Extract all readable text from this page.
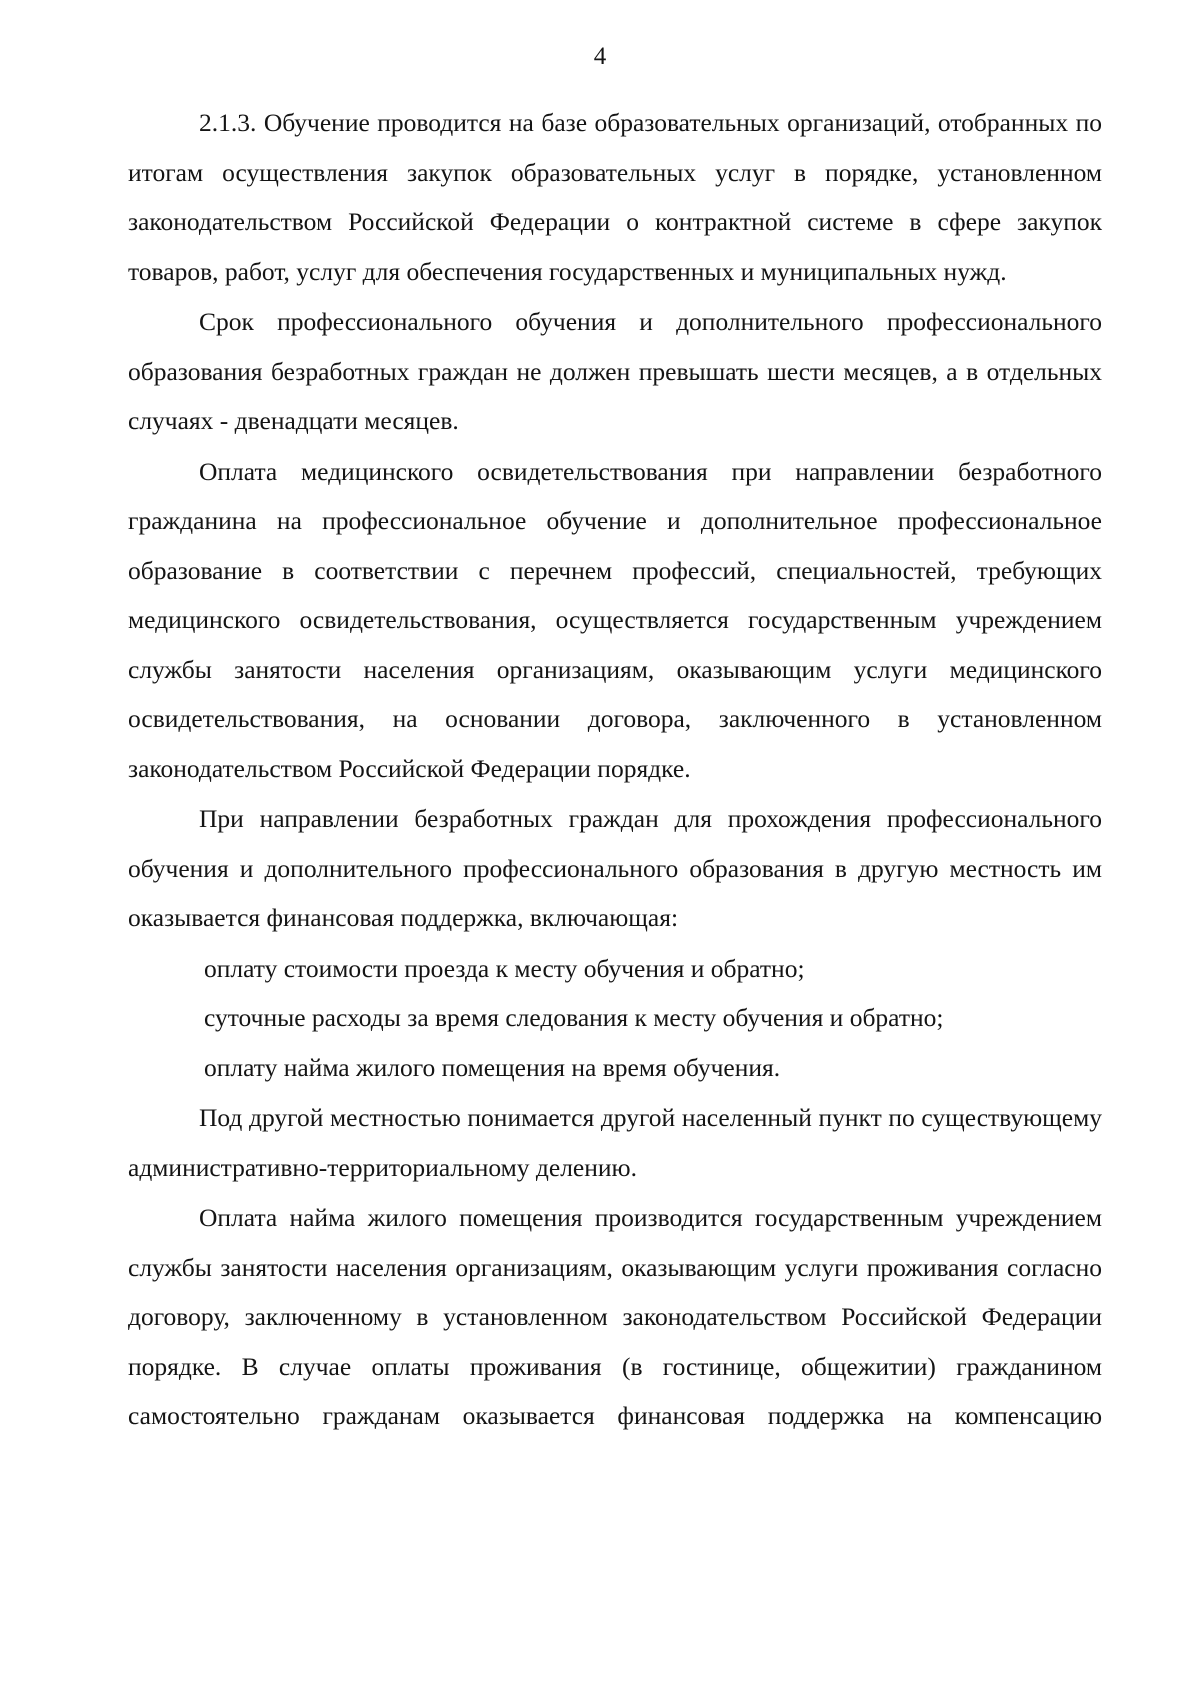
4

2.1.3. Обучение проводится на базе образовательных организаций, отобранных по итогам осуществления закупок образовательных услуг в порядке, установленном законодательством Российской Федерации о контрактной системе в сфере закупок товаров, работ, услуг для обеспечения государственных и муниципальных нужд.

Срок профессионального обучения и дополнительного профессионального образования безработных граждан не должен превышать шести месяцев, а в отдельных случаях - двенадцати месяцев.

Оплата медицинского освидетельствования при направлении безработного гражданина на профессиональное обучение и дополнительное профессиональное образование в соответствии с перечнем профессий, специальностей, требующих медицинского освидетельствования, осуществляется государственным учреждением службы занятости населения организациям, оказывающим услуги медицинского освидетельствования, на основании договора, заключенного в установленном законодательством Российской Федерации порядке.

При направлении безработных граждан для прохождения профессионального обучения и дополнительного профессионального образования в другую местность им оказывается финансовая поддержка, включающая:

оплату стоимости проезда к месту обучения и обратно;

суточные расходы за время следования к месту обучения и обратно;

оплату найма жилого помещения на время обучения.

Под другой местностью понимается другой населенный пункт по существующему административно-территориальному делению.

Оплата найма жилого помещения производится государственным учреждением службы занятости населения организациям, оказывающим услуги проживания согласно договору, заключенному в установленном законодательством Российской Федерации порядке. В случае оплаты проживания (в гостинице, общежитии) гражданином самостоятельно гражданам оказывается финансовая поддержка на компенсацию
